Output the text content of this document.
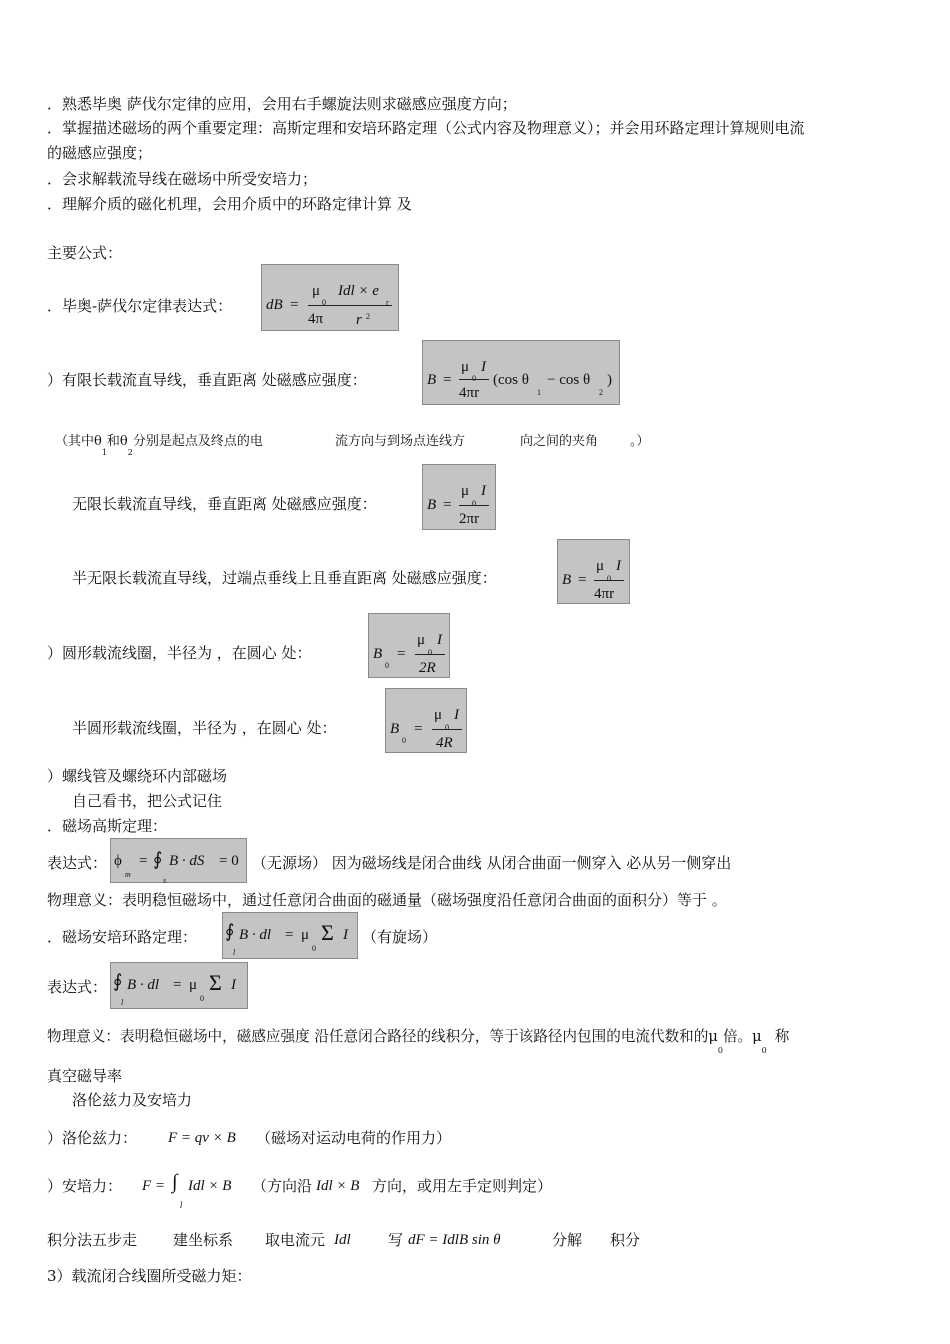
．熟悉毕奥 萨伐尔定律的应用，会用右手螺旋法则求磁感应强度方向；
．掌握描述磁场的两个重要定理：高斯定理和安培环路定理（公式内容及物理意义）；并会用环路定理计算规则电流
的磁感应强度；
．会求解载流导线在磁场中所受安培力；
．理解介质的磁化机理，会用介质中的环路定律计算 及
主要公式：
．毕奥-萨伐尔定律表达式： dB =
μ
0
Idl × e
r
4π r 2
）有限长载流直导线，垂直距离 处磁感应强度：	B =
μ
0
I
4πr
(cos θ
1
− cos θ
2
)
（其中$\theta_1$和$\theta_2$分别是起点及终点的电	流方向与到场点连线方	向之间的夹角 。）
无限长载流直导线，垂直距离 处磁感应强度：	B =
μ
0
I
2πr
半无限长载流直导线，过端点垂线上且垂直距离 处磁感应强度：	B =
μ
0
I
4πr
）圆形载流线圈，半径为 ，在圆心 处：	B
0
=
μ
0
I
2R
半圆形载流线圈，半径为 ，在圆心 处：	B
0
=
μ
0
I
4R
）螺线管及螺绕环内部磁场
自己看书，把公式记住
．磁场高斯定理：
表达式： ϕ
m
= ∮
s
B · dS = 0 （无源场） 因为磁场线是闭合曲线 从闭合曲面一侧穿入 必从另一侧穿出
物理意义：表明稳恒磁场中，通过任意闭合曲面的磁通量（磁场强度沿任意闭合曲面的面积分）等于 。
．磁场安培环路定理： ∮
l
B · dl = μ
0
Σ I （有旋场）
表达式： ∮
l
B · dl = μ
0
Σ I
物理意义：表明稳恒磁场中，磁感应强度 沿任意闭合路径的线积分，等于该路径内包围的电流代数和的$\mu_0$倍。$\mu_0$称
真空磁导率
洛伦兹力及安培力
）洛伦兹力： F = qv × B （磁场对运动电荷的作用力）
）安培力： F = ∫
l
Idl × B （方向沿 Idl × B 方向，或用左手定则判定）
积分法五步走 建坐标系 取电流元 Idl 写 dF = IdlB sin θ	分解 积分
3）载流闭合线圈所受磁力矩：
